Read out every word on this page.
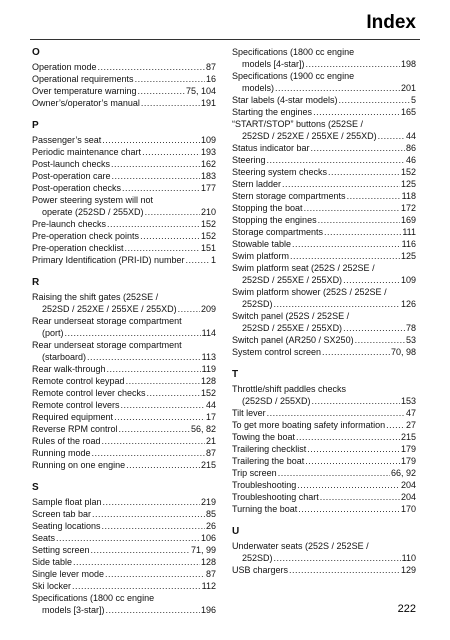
Index
O
Operation mode .....	87
Operational requirements .....	16
Over temperature warning .....	75, 104
Owner’s/operator’s manual .....	191
P
Passenger’s seat .....	109
Periodic maintenance chart .....	193
Post-launch checks .....	162
Post-operation care .....	183
Post-operation checks .....	177
Power steering system will not
operate (252SD / 255XD) .....	210
Pre-launch checks .....	152
Pre-operation check points .....	152
Pre-operation checklist .....	151
Primary Identification (PRI-ID) number .....	1
R
Raising the shift gates (252SE /
252SD / 252XE / 255XE / 255XD) .....	209
Rear underseat storage compartment
(port) .....	114
Rear underseat storage compartment
(starboard) .....	113
Rear walk-through .....	119
Remote control keypad .....	128
Remote control lever checks .....	152
Remote control levers .....	44
Required equipment .....	17
Reverse RPM control .....	56, 82
Rules of the road .....	21
Running mode .....	87
Running on one engine .....	215
S
Sample float plan .....	219
Screen tab bar .....	85
Seating locations .....	26
Seats .....	106
Setting screen .....	71, 99
Side table .....	128
Single lever mode .....	87
Ski locker .....	112
Specifications (1800 cc engine
models [3-star]) .....	196
Specifications (1800 cc engine
models [4-star]) .....	198
Specifications (1900 cc engine
models) .....	201
Star labels (4-star models) .....	5
Starting the engines .....	165
“START/STOP” buttons (252SE /
252SD / 252XE / 255XE / 255XD) .....	44
Status indicator bar .....	86
Steering .....	46
Steering system checks .....	152
Stern ladder .....	125
Stern storage compartments .....	118
Stopping the boat .....	172
Stopping the engines .....	169
Storage compartments .....	111
Stowable table .....	116
Swim platform .....	125
Swim platform seat (252S / 252SE /
252SD / 255XE / 255XD) .....	109
Swim platform shower (252S / 252SE /
252SD) .....	126
Switch panel (252S / 252SE /
252SD / 255XE / 255XD) .....	78
Switch panel (AR250 / SX250) .....	53
System control screen .....	70, 98
T
Throttle/shift paddles checks
(252SD / 255XD) .....	153
Tilt lever .....	47
To get more boating safety information ..... 27
Towing the boat .....	215
Trailering checklist .....	179
Trailering the boat .....	179
Trip screen .....	66, 92
Troubleshooting .....	204
Troubleshooting chart .....	204
Turning the boat .....	170
U
Underwater seats (252S / 252SE /
252SD) .....	110
USB chargers .....	129
222
